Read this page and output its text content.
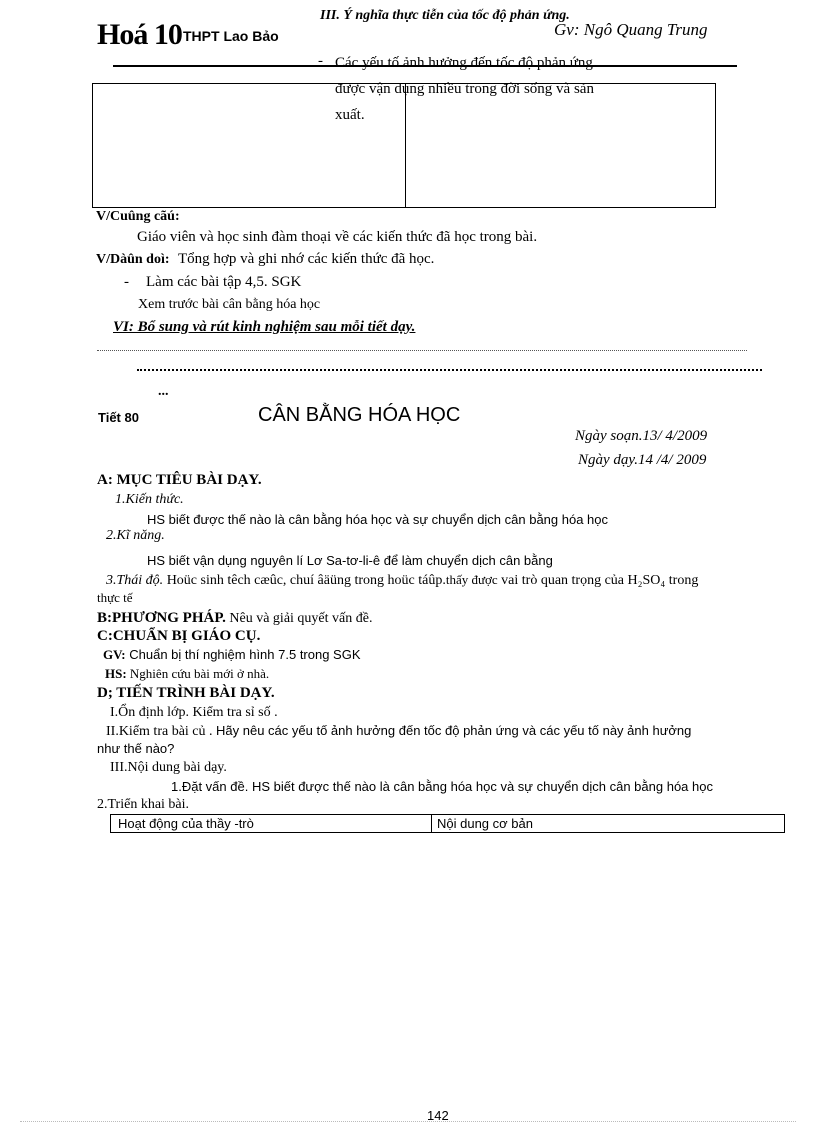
Hoá 10 THPT Lao Bảo	Gv: Ngô Quang Trung
III. Ý nghĩa thực tiễn của tốc độ phản ứng.
- Các yếu tố ảnh hưởng đến tốc độ phản ứng được vận dụng nhiều trong đời sống và sản xuất.
V/Cuûng cãú:
Giáo viên và học sinh đàm thoại về các kiến thức đã học trong bài.
V/Dàûn doì: Tổng hợp và ghi nhớ các kiến thức đã học.
- Làm các bài tập 4,5. SGK
Xem trước bài cân bằng hóa học
VI: Bổ sung và rút kinh nghiệm sau mỗi tiết dạy.
...
Tiết 80	CÂN BẰNG HÓA HỌC
Ngày soạn.13/ 4/2009
Ngày dạy.14 /4/ 2009
A: MỤC TIÊU BÀI DẠY.
1.Kiến thức.
HS biết được thế nào là cân bằng hóa học và sự chuyển dịch cân bằng hóa học
2.Kĩ năng.
HS biết vận dụng nguyên lí Lơ Sa-tơ-li-ê để làm chuyển dịch cân bằng
3.Thái độ. Hoüc sinh têch cæûc, chuí âäüng trong hoüc táûp.thấy được vai trò quan trọng của H₂SO₄ trong
thực tế
B:PHƯƠNG PHÁP. Nêu và giải quyết vấn đề.
C:CHUẨN BỊ GIÁO CỤ.
GV: Chuẩn bị thí nghiệm hình 7.5 trong SGK
HS: Nghiên cứu bài mới ở nhà.
D; TIẾN TRÌNH BÀI DẠY.
I.Ổn định lớp. Kiểm tra sỉ số .
II.Kiểm tra bài củ . Hãy nêu các yếu tố ảnh hưởng đến tốc độ phản ứng và các yếu tố này ảnh hưởng
như thế nào?
III.Nội dung bài dạy.
1.Đặt vấn đề. HS biết được thế nào là cân bằng hóa học và sự chuyển dịch cân bằng hóa học
2.Triển khai bài.
Hoạt động của thầy -trò	Nội dung cơ bản
142
